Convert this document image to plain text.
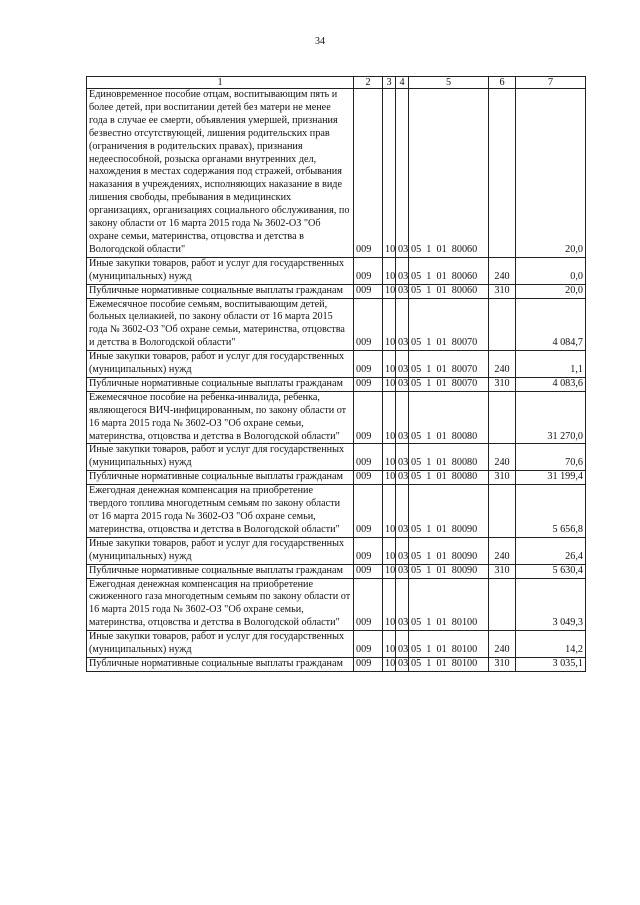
34
1	2	3	4	5	6	7
Единовременное пособие отцам, воспитывающим пять и более детей, при воспитании детей без матери не менее года в случае ее смерти, объявления умершей, признания безвестно отсутствующей, лишения родительских прав (ограничения в родительских правах), признания недееспособной, розыска органами внутренних дел, нахождения в местах содержания под стражей, отбывания наказания в учреждениях, исполняющих наказание в виде лишения свободы, пребывания в медицинских организациях, организациях социального обслуживания, по закону области от 16 марта 2015 года № 3602-ОЗ "Об охране семьи, материнства, отцовства и детства в Вологодской области"	009	10	03	05  1  01  80060		20,0
Иные закупки товаров, работ и услуг для государственных (муниципальных) нужд	009	10	03	05  1  01  80060	240	0,0
Публичные нормативные социальные выплаты гражданам	009	10	03	05  1  01  80060	310	20,0
Ежемесячное пособие семьям, воспитывающим детей, больных целиакией, по закону области от 16 марта 2015 года № 3602-ОЗ "Об охране семьи, материнства, отцовства и детства в Вологодской области"	009	10	03	05  1  01  80070		4 084,7
Иные закупки товаров, работ и услуг для государственных (муниципальных) нужд	009	10	03	05  1  01  80070	240	1,1
Публичные нормативные социальные выплаты гражданам	009	10	03	05  1  01  80070	310	4 083,6
Ежемесячное пособие на ребенка-инвалида, ребенка, являющегося ВИЧ-инфицированным, по закону области от 16 марта 2015 года № 3602-ОЗ "Об охране семьи, материнства, отцовства и детства в Вологодской области"	009	10	03	05  1  01  80080		31 270,0
Иные закупки товаров, работ и услуг для государственных (муниципальных) нужд	009	10	03	05  1  01  80080	240	70,6
Публичные нормативные социальные выплаты гражданам	009	10	03	05  1  01  80080	310	31 199,4
Ежегодная денежная компенсация на приобретение твердого топлива многодетным семьям по закону области от 16 марта 2015 года № 3602-ОЗ "Об охране семьи, материнства, отцовства и детства в Вологодской области"	009	10	03	05  1  01  80090		5 656,8
Иные закупки товаров, работ и услуг для государственных (муниципальных) нужд	009	10	03	05  1  01  80090	240	26,4
Публичные нормативные социальные выплаты гражданам	009	10	03	05  1  01  80090	310	5 630,4
Ежегодная денежная компенсация на приобретение сжиженного газа многодетным семьям по закону области от 16 марта 2015 года № 3602-ОЗ "Об охране семьи, материнства, отцовства и детства в Вологодской области"	009	10	03	05  1  01  80100		3 049,3
Иные закупки товаров, работ и услуг для государственных (муниципальных) нужд	009	10	03	05  1  01  80100	240	14,2
Публичные нормативные социальные выплаты гражданам	009	10	03	05  1  01  80100	310	3 035,1
